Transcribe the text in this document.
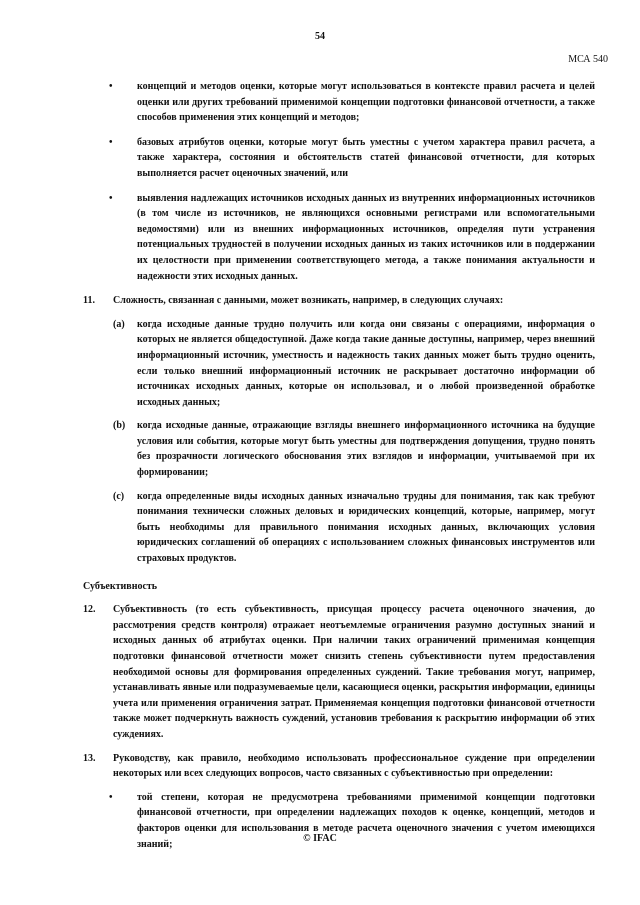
54
МСА 540
• концепций и методов оценки, которые могут использоваться в контексте правил расчета и целей оценки или других требований применимой концепции подготовки финансовой отчетности, а также способов применения этих концепций и методов;
• базовых атрибутов оценки, которые могут быть уместны с учетом характера правил расчета, а также характера, состояния и обстоятельств статей финансовой отчетности, для которых выполняется расчет оценочных значений, или
• выявления надлежащих источников исходных данных из внутренних информационных источников (в том числе из источников, не являющихся основными регистрами или вспомогательными ведомостями) или из внешних информационных источников, определяя пути устранения потенциальных трудностей в получении исходных данных из таких источников или в поддержании их целостности при применении соответствующего метода, а также понимания актуальности и надежности этих исходных данных.
11. Сложность, связанная с данными, может возникать, например, в следующих случаях:
(a) когда исходные данные трудно получить или когда они связаны с операциями, информация о которых не является общедоступной. Даже когда такие данные доступны, например, через внешний информационный источник, уместность и надежность таких данных может быть трудно оценить, если только внешний информационный источник не раскрывает достаточно информации об источниках исходных данных, которые он использовал, и о любой произведенной обработке исходных данных;
(b) когда исходные данные, отражающие взгляды внешнего информационного источника на будущие условия или события, которые могут быть уместны для подтверждения допущения, трудно понять без прозрачности логического обоснования этих взглядов и информации, учитываемой при их формировании;
(c) когда определенные виды исходных данных изначально трудны для понимания, так как требуют понимания технически сложных деловых и юридических концепций, которые, например, могут быть необходимы для правильного понимания исходных данных, включающих условия юридических соглашений об операциях с использованием сложных финансовых инструментов или страховых продуктов.
Субъективность
12. Субъективность (то есть субъективность, присущая процессу расчета оценочного значения, до рассмотрения средств контроля) отражает неотъемлемые ограничения разумно доступных знаний и исходных данных об атрибутах оценки. При наличии таких ограничений применимая концепция подготовки финансовой отчетности может снизить степень субъективности путем предоставления необходимой основы для формирования определенных суждений. Такие требования могут, например, устанавливать явные или подразумеваемые цели, касающиеся оценки, раскрытия информации, единицы учета или применения ограничения затрат. Применяемая концепция подготовки финансовой отчетности также может подчеркнуть важность суждений, установив требования к раскрытию информации об этих суждениях.
13. Руководству, как правило, необходимо использовать профессиональное суждение при определении некоторых или всех следующих вопросов, часто связанных с субъективностью при определении:
• той степени, которая не предусмотрена требованиями применимой концепции подготовки финансовой отчетности, при определении надлежащих походов к оценке, концепций, методов и факторов оценки для использования в методе расчета оценочного значения с учетом имеющихся знаний;
© IFAC
